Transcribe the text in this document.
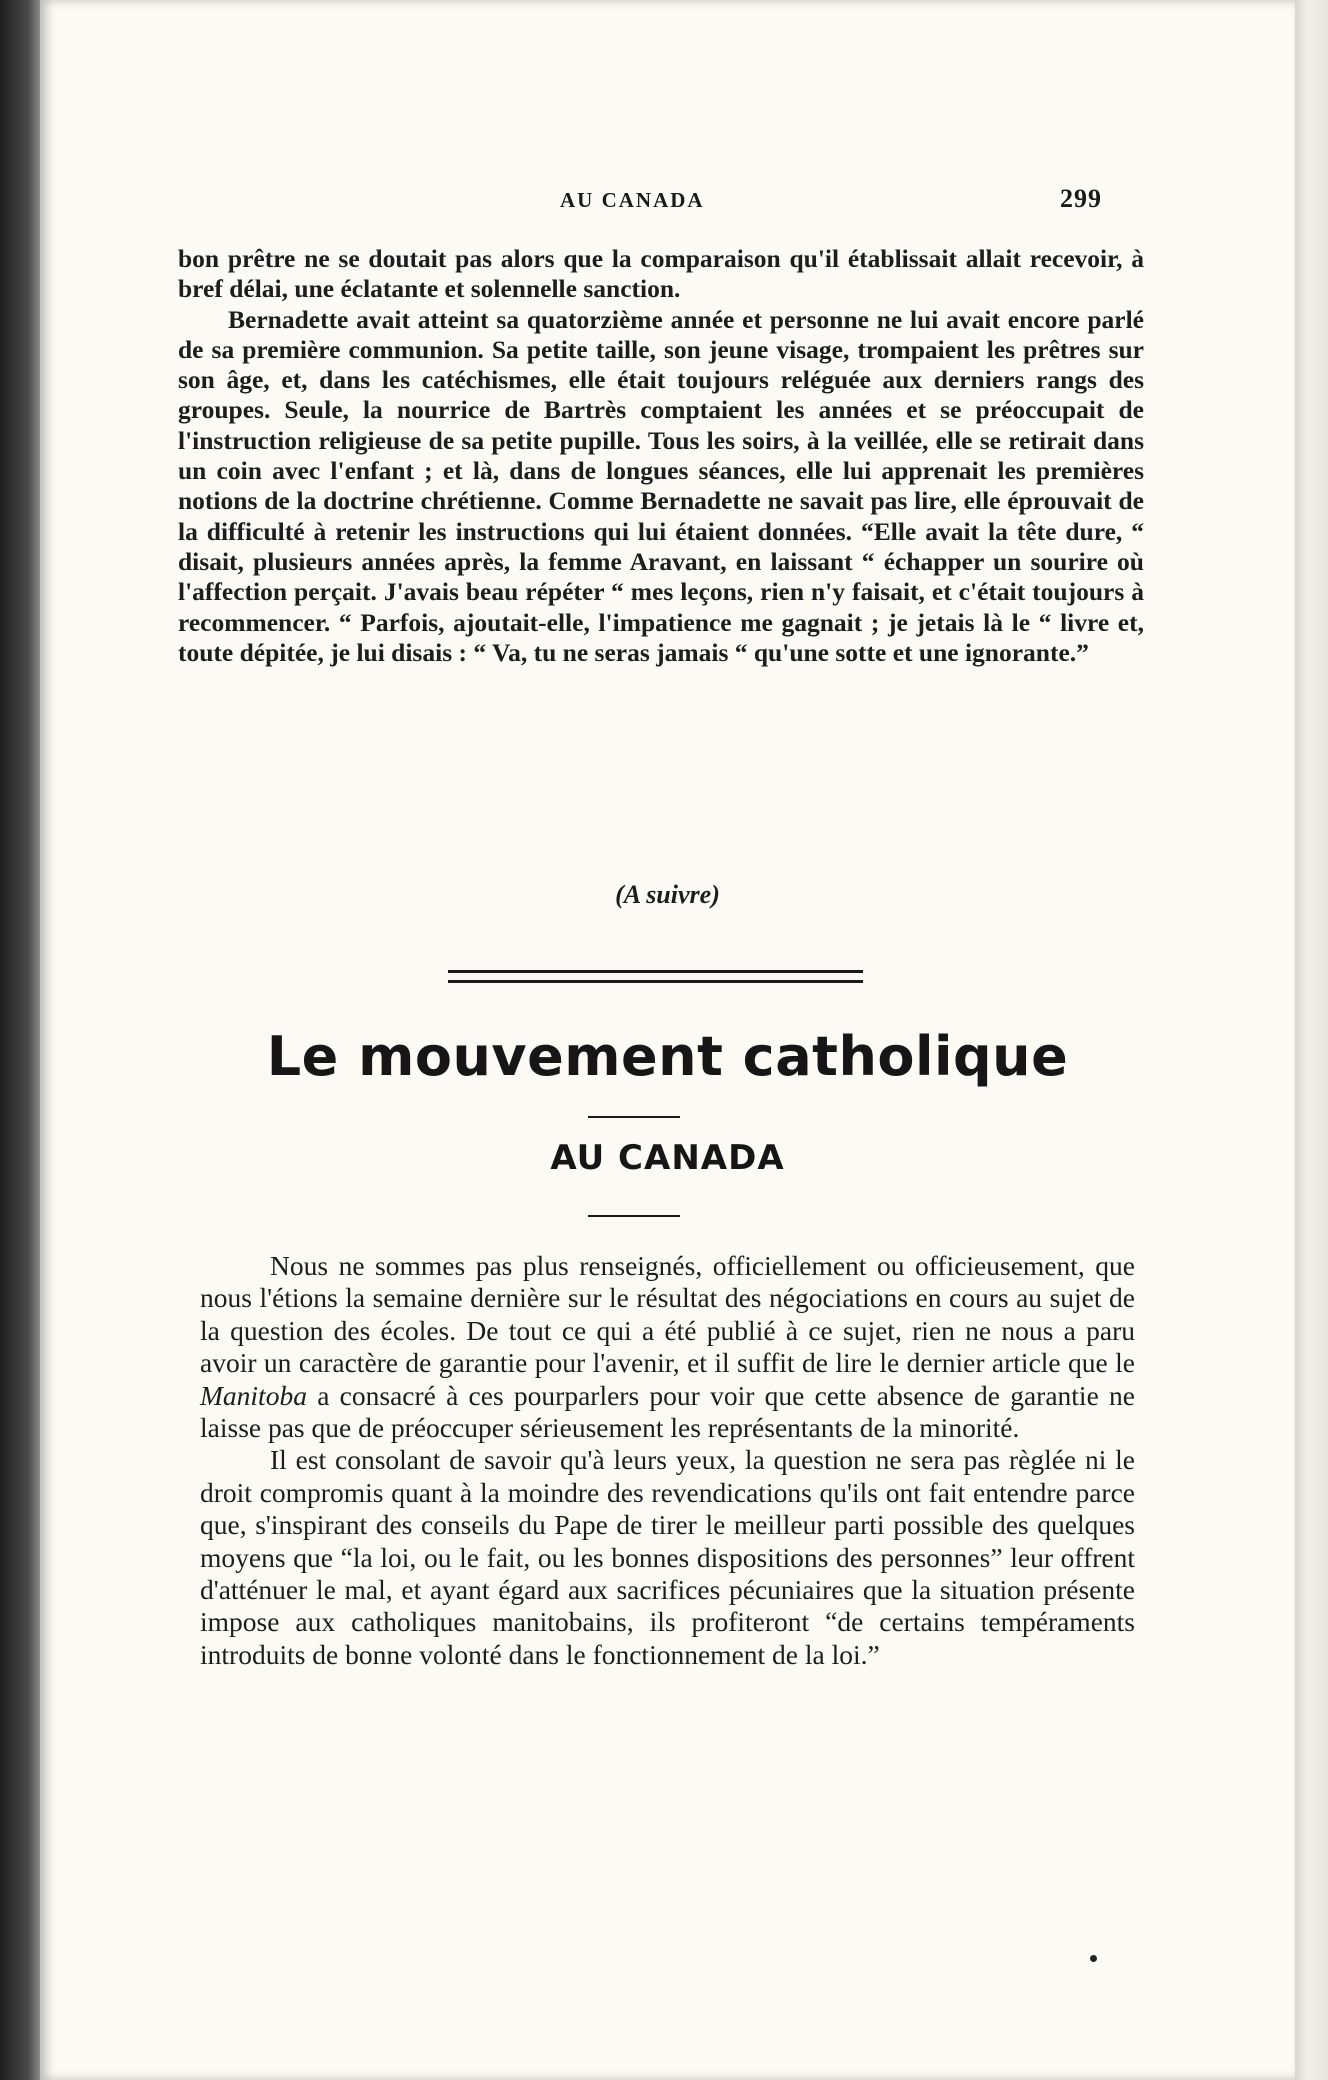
AU CANADA	299

bon prêtre ne se doutait pas alors que la comparaison qu'il établissait allait recevoir, à bref délai, une éclatante et solennelle sanction.

Bernadette avait atteint sa quatorzième année et personne ne lui avait encore parlé de sa première communion. Sa petite taille, son jeune visage, trompaient les prêtres sur son âge, et, dans les catéchismes, elle était toujours reléguée aux derniers rangs des groupes. Seule, la nourrice de Bartrès comptaient les années et se préoccupait de l'instruction religieuse de sa petite pupille. Tous les soirs, à la veillée, elle se retirait dans un coin avec l'enfant ; et là, dans de longues séances, elle lui apprenait les premières notions de la doctrine chrétienne. Comme Bernadette ne savait pas lire, elle éprouvait de la difficulté à retenir les instructions qui lui étaient données. “Elle avait la tête dure, “ disait, plusieurs années après, la femme Aravant, en laissant “ échapper un sourire où l'affection perçait. J'avais beau répéter “ mes leçons, rien n'y faisait, et c'était toujours à recommencer. “ Parfois, ajoutait-elle, l'impatience me gagnait ; je jetais là le “ livre et, toute dépitée, je lui disais : “ Va, tu ne seras jamais “ qu'une sotte et une ignorante.”

(A suivre)
Le mouvement catholique
AU CANADA

Nous ne sommes pas plus renseignés, officiellement ou officieusement, que nous l'étions la semaine dernière sur le résultat des négociations en cours au sujet de la question des écoles. De tout ce qui a été publié à ce sujet, rien ne nous a paru avoir un caractère de garantie pour l'avenir, et il suffit de lire le dernier article que le Manitoba a consacré à ces pourparlers pour voir que cette absence de garantie ne laisse pas que de préoccuper sérieusement les représentants de la minorité.

Il est consolant de savoir qu'à leurs yeux, la question ne sera pas règlée ni le droit compromis quant à la moindre des revendications qu'ils ont fait entendre parce que, s'inspirant des conseils du Pape de tirer le meilleur parti possible des quelques moyens que “la loi, ou le fait, ou les bonnes dispositions des personnes” leur offrent d'atténuer le mal, et ayant égard aux sacrifices pécuniaires que la situation présente impose aux catholiques manitobains, ils profiteront “de certains tempéraments introduits de bonne volonté dans le fonctionnement de la loi.”
